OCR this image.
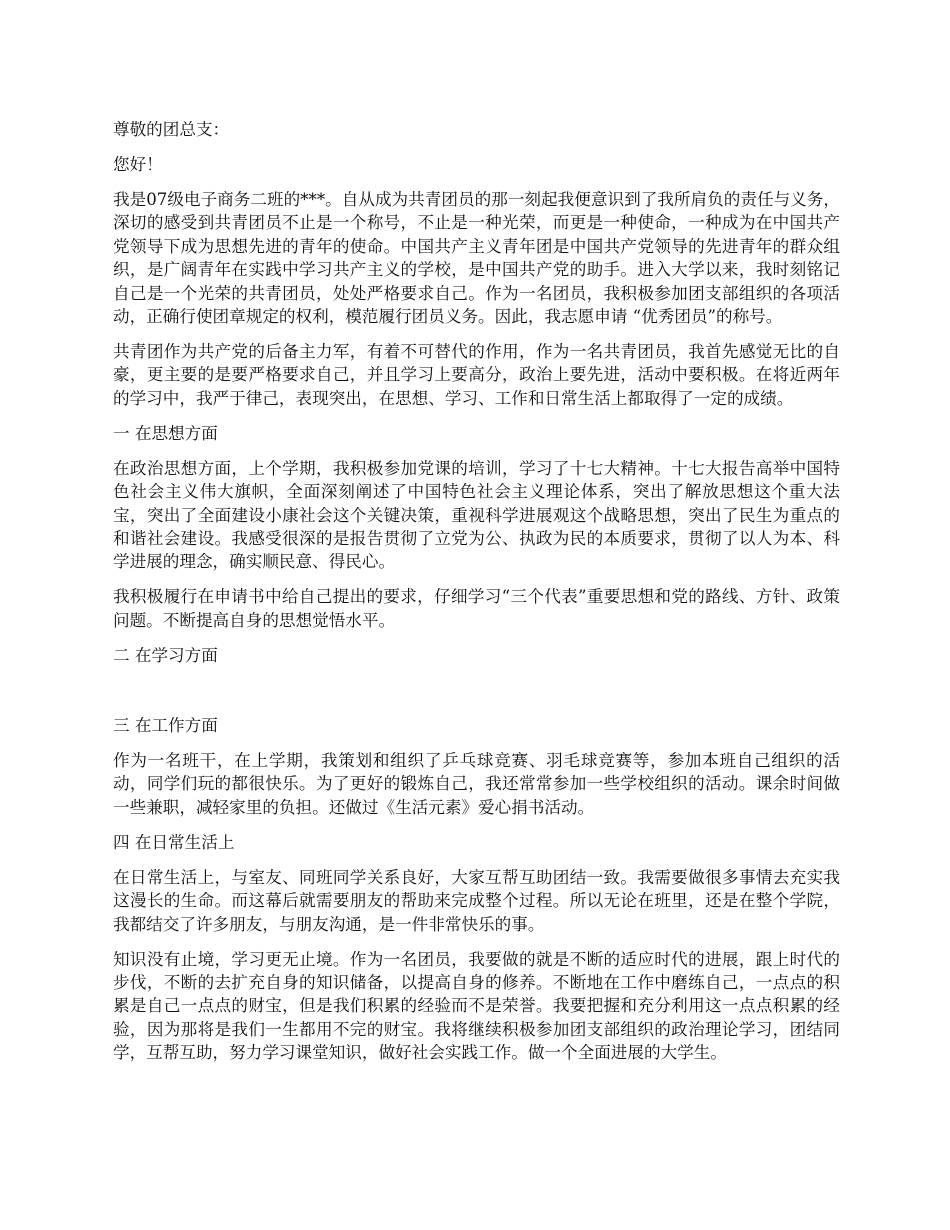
尊敬的团总支：

您好！

我是07级电子商务二班的***。自从成为共青团员的那一刻起我便意识到了我所肩负的责任与义务，深切的感受到共青团员不止是一个称号，不止是一种光荣，而更是一种使命，一种成为在中国共产党领导下成为思想先进的青年的使命。中国共产主义青年团是中国共产党领导的先进青年的群众组织，是广阔青年在实践中学习共产主义的学校，是中国共产党的助手。进入大学以来，我时刻铭记自己是一个光荣的共青团员，处处严格要求自己。作为一名团员，我积极参加团支部组织的各项活动，正确行使团章规定的权利，模范履行团员义务。因此，我志愿申请 “优秀团员”的称号。

共青团作为共产党的后备主力军，有着不可替代的作用，作为一名共青团员，我首先感觉无比的自豪，更主要的是要严格要求自己，并且学习上要高分，政治上要先进，活动中要积极。在将近两年的学习中，我严于律己，表现突出，在思想、学习、工作和日常生活上都取得了一定的成绩。

一 在思想方面

在政治思想方面，上个学期，我积极参加党课的培训，学习了十七大精神。十七大报告高举中国特色社会主义伟大旗帜，全面深刻阐述了中国特色社会主义理论体系，突出了解放思想这个重大法宝，突出了全面建设小康社会这个关键决策，重视科学进展观这个战略思想，突出了民生为重点的和谐社会建设。我感受很深的是报告贯彻了立党为公、执政为民的本质要求，贯彻了以人为本、科学进展的理念，确实顺民意、得民心。

我积极履行在申请书中给自己提出的要求，仔细学习“三个代表”重要思想和党的路线、方针、政策问题。不断提高自身的思想觉悟水平。

二 在学习方面

三 在工作方面

作为一名班干，在上学期，我策划和组织了乒乓球竞赛、羽毛球竞赛等，参加本班自己组织的活动，同学们玩的都很快乐。为了更好的锻炼自己，我还常常参加一些学校组织的活动。课余时间做一些兼职，减轻家里的负担。还做过《生活元素》爱心捐书活动。

四 在日常生活上

在日常生活上，与室友、同班同学关系良好，大家互帮互助团结一致。我需要做很多事情去充实我这漫长的生命。而这幕后就需要朋友的帮助来完成整个过程。所以无论在班里，还是在整个学院，我都结交了许多朋友，与朋友沟通，是一件非常快乐的事。

知识没有止境，学习更无止境。作为一名团员，我要做的就是不断的适应时代的进展，跟上时代的步伐，不断的去扩充自身的知识储备，以提高自身的修养。不断地在工作中磨练自己，一点点的积累是自己一点点的财宝，但是我们积累的经验而不是荣誉。我要把握和充分利用这一点点积累的经验，因为那将是我们一生都用不完的财宝。我将继续积极参加团支部组织的政治理论学习，团结同学，互帮互助，努力学习课堂知识，做好社会实践工作。做一个全面进展的大学生。
